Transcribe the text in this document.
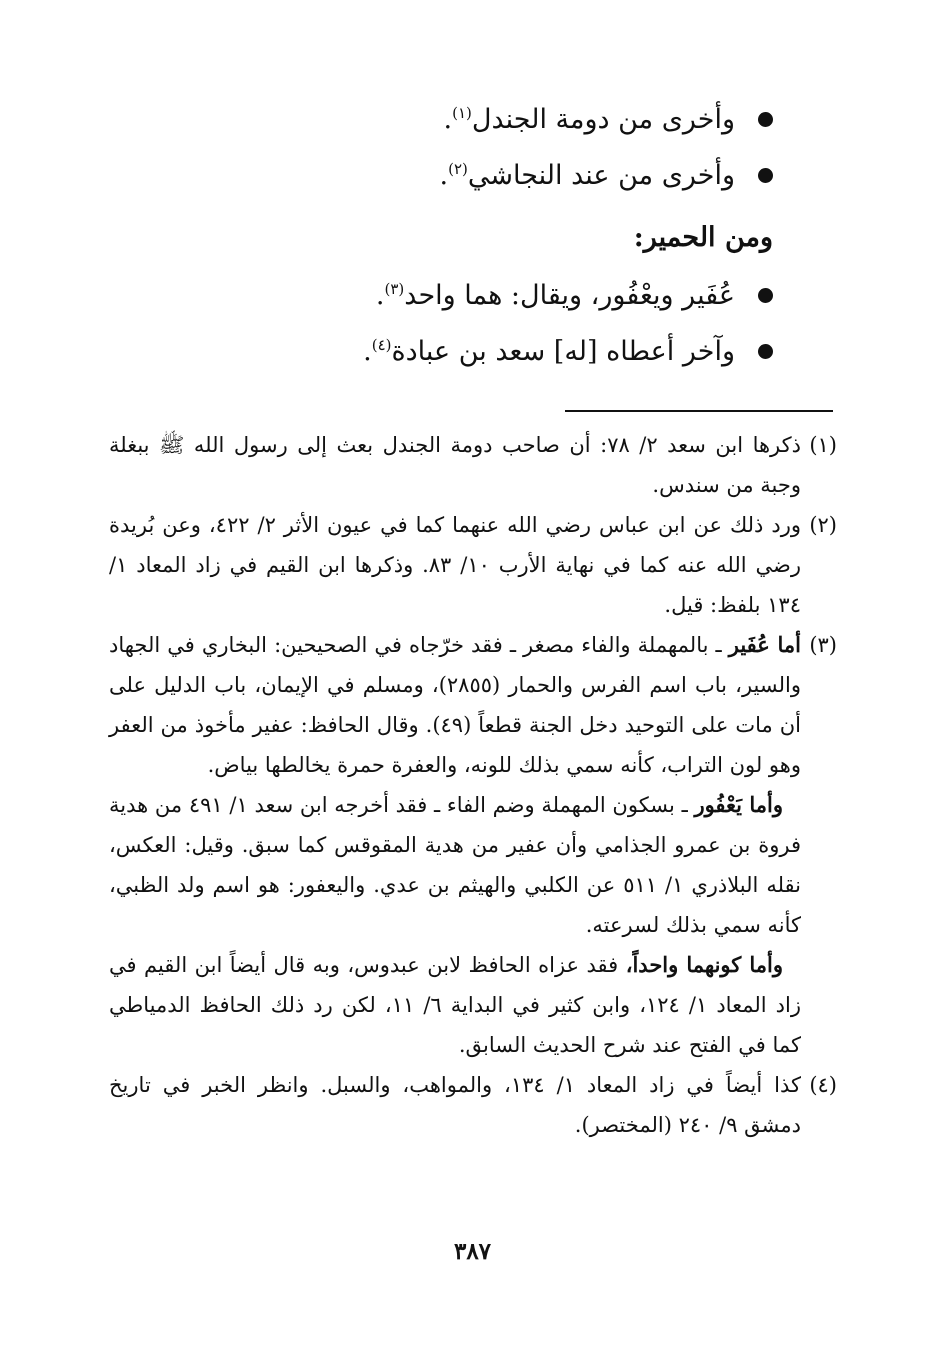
وأخرى من دومة الجندل$^{(١)}$.
وأخرى من عند النجاشي$^{(٢)}$.
ومن الحمير:
عُفَير ويعْفُور، ويقال: هما واحد$^{(٣)}$.
وآخر أعطاه [له] سعد بن عبادة$^{(٤)}$.

(١)
ذكرها ابن سعد ٢/ ٧٨: أن صاحب دومة الجندل بعث إلى رسول الله ﷺ ببغلة وجبة من سندس.

(٢)
ورد ذلك عن ابن عباس رضي الله عنهما كما في عيون الأثر ٢/ ٤٢٢، وعن بُريدة رضي الله عنه كما في نهاية الأرب ١٠/ ٨٣. وذكرها ابن القيم في زاد المعاد ١/ ١٣٤ بلفظ: قيل.

(٣)
أما عُفَير ـ بالمهملة والفاء مصغر ـ فقد خرّجاه في الصحيحين: البخاري في الجهاد والسير، باب اسم الفرس والحمار (٢٨٥٥)، ومسلم في الإيمان، باب الدليل على أن مات على التوحيد دخل الجنة قطعاً (٤٩). وقال الحافظ: عفير مأخوذ من العفر وهو لون التراب، كأنه سمي بذلك للونه، والعفرة حمرة يخالطها بياض.

وأما يَعْفُور ـ بسكون المهملة وضم الفاء ـ فقد أخرجه ابن سعد ١/ ٤٩١ من هدية فروة بن عمرو الجذامي وأن عفير من هدية المقوقس كما سبق. وقيل: العكس، نقله البلاذري ١/ ٥١١ عن الكلبي والهيثم بن عدي. واليعفور: هو اسم ولد الظبي، كأنه سمي بذلك لسرعته.

وأما كونهما واحداً، فقد عزاه الحافظ لابن عبدوس، وبه قال أيضاً ابن القيم في زاد المعاد ١/ ١٢٤، وابن كثير في البداية ٦/ ١١، لكن رد ذلك الحافظ الدمياطي كما في الفتح عند شرح الحديث السابق.

(٤)
كذا أيضاً في زاد المعاد ١/ ١٣٤، والمواهب، والسبل. وانظر الخبر في تاريخ دمشق ٩/ ٢٤٠ (المختصر).

٣٨٧
